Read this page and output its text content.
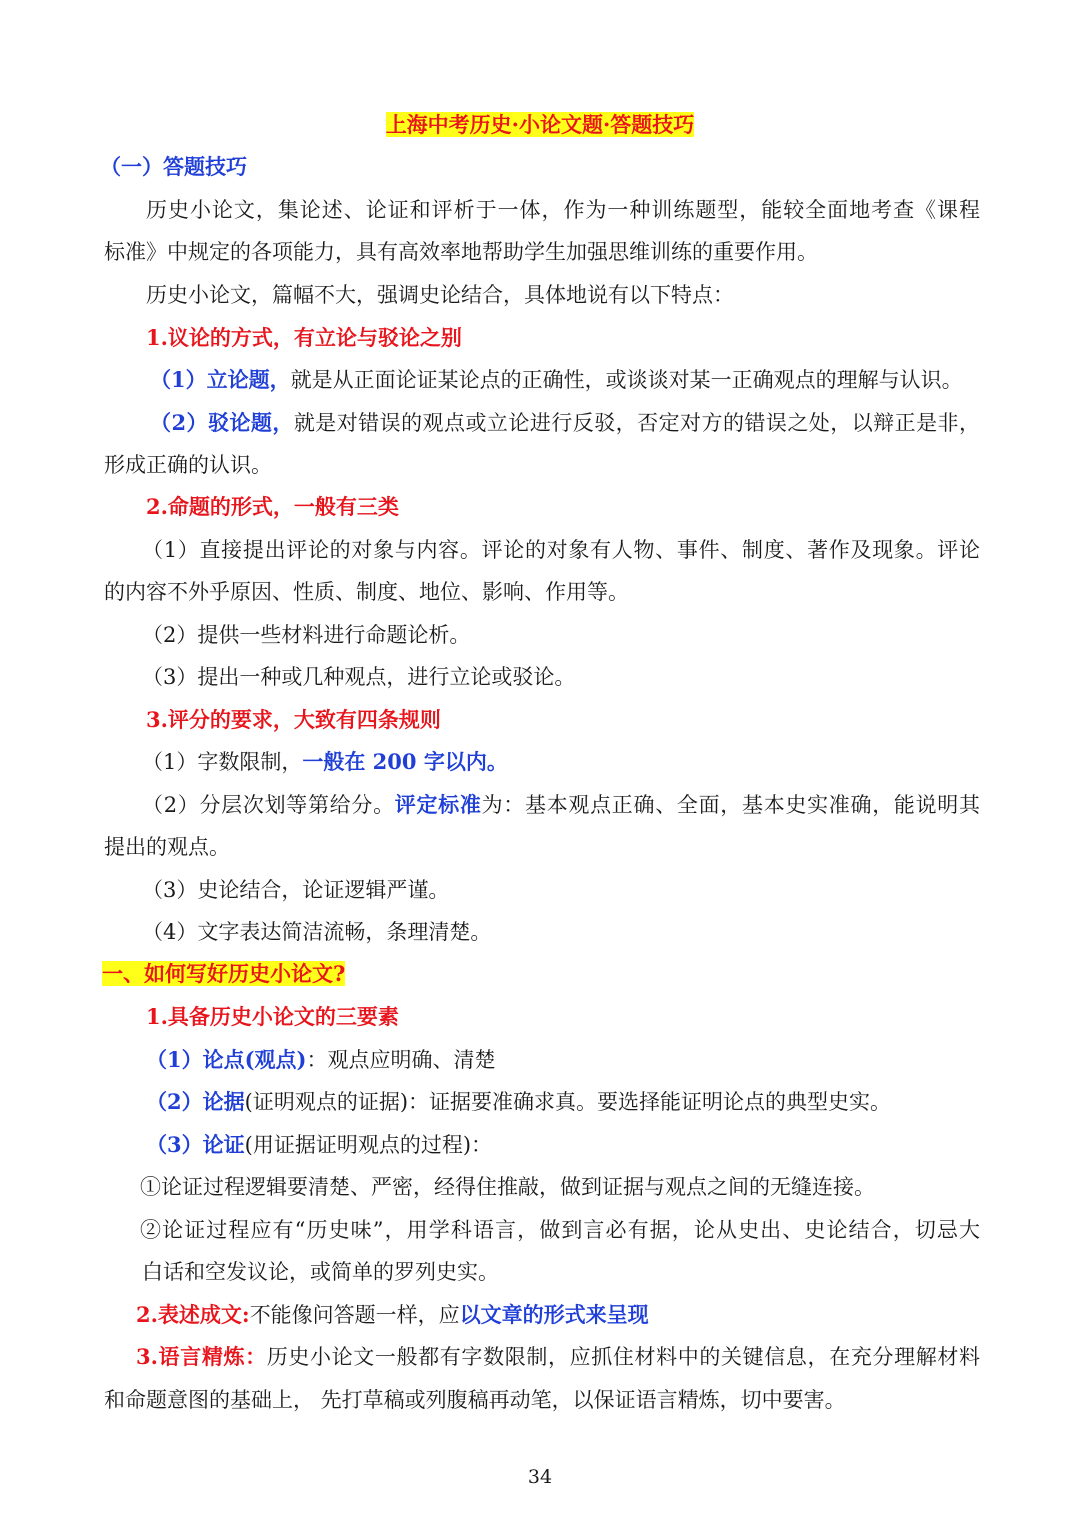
上海中考历史·小论文题·答题技巧
（一）答题技巧
历史小论文，集论述、论证和评析于一体，作为一种训练题型，能较全面地考查《课程
标准》中规定的各项能力，具有高效率地帮助学生加强思维训练的重要作用。
历史小论文，篇幅不大，强调史论结合，具体地说有以下特点：
1.议论的方式，有立论与驳论之别
（1）立论题，就是从正面论证某论点的正确性，或谈谈对某一正确观点的理解与认识。
（2）驳论题，就是对错误的观点或立论进行反驳，否定对方的错误之处，以辩正是非，
形成正确的认识。
2.命题的形式，一般有三类
（1）直接提出评论的对象与内容。评论的对象有人物、事件、制度、著作及现象。评论
的内容不外乎原因、性质、制度、地位、影响、作用等。
（2）提供一些材料进行命题论析。
（3）提出一种或几种观点，进行立论或驳论。
3.评分的要求，大致有四条规则
（1）字数限制，一般在 200 字以内。
（2）分层次划等第给分。评定标准为：基本观点正确、全面，基本史实准确，能说明其
提出的观点。
（3）史论结合，论证逻辑严谨。
（4）文字表达简洁流畅，条理清楚。
一、如何写好历史小论文?
1.具备历史小论文的三要素
（1）论点(观点)：观点应明确、清楚
（2）论据(证明观点的证据)：证据要准确求真。要选择能证明论点的典型史实。
（3）论证(用证据证明观点的过程)：
①论证过程逻辑要清楚、严密，经得住推敲，做到证据与观点之间的无缝连接。
②论证过程应有“历史味”，用学科语言，做到言必有据，论从史出、史论结合，切忌大
白话和空发议论，或简单的罗列史实。
2.表述成文:不能像问答题一样，应以文章的形式来呈现
3.语言精炼：历史小论文一般都有字数限制，应抓住材料中的关键信息，在充分理解材料
和命题意图的基础上， 先打草稿或列腹稿再动笔，以保证语言精炼，切中要害。
34
